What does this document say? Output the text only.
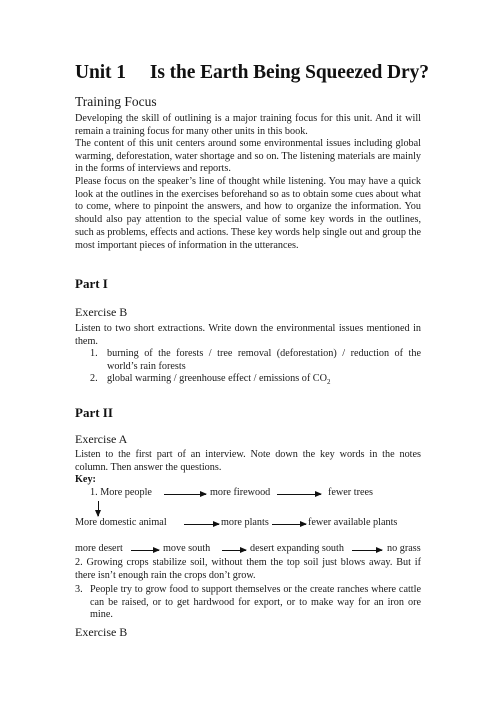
Unit 1 Is the Earth Being Squeezed Dry?
Training Focus
Developing the skill of outlining is a major training focus for this unit. And it will remain a training focus for many other units in this book.
The content of this unit centers around some environmental issues including global warming, deforestation, water shortage and so on. The listening materials are mainly in the forms of interviews and reports.
Please focus on the speaker’s line of thought while listening. You may have a quick look at the outlines in the exercises beforehand so as to obtain some cues about what to come, where to pinpoint the answers, and how to organize the information. You should also pay attention to the special value of some key words in the outlines, such as problems, effects and actions. These key words help single out and group the most important pieces of information in the utterances.
Part I
Exercise B
Listen to two short extractions. Write down the environmental issues mentioned in them.
1. burning of the forests / tree removal (deforestation) / reduction of the world’s rain forests
2. global warming / greenhouse effect / emissions of $CO_2$
Part II
Exercise A
Listen to the first part of an interview. Note down the key words in the notes column. Then answer the questions.
Key:
1. More people	more firewood	fewer trees
More domestic animal	more plants	fewer available plants
more desert	move south	desert expanding south	no grass
2. Growing crops stabilize soil, without them the top soil just blows away. But if there isn’t enough rain the crops don’t grow.
3. People try to grow food to support themselves or the create ranches where cattle can be raised, or to get hardwood for export, or to make way for an iron ore mine.
Exercise B
